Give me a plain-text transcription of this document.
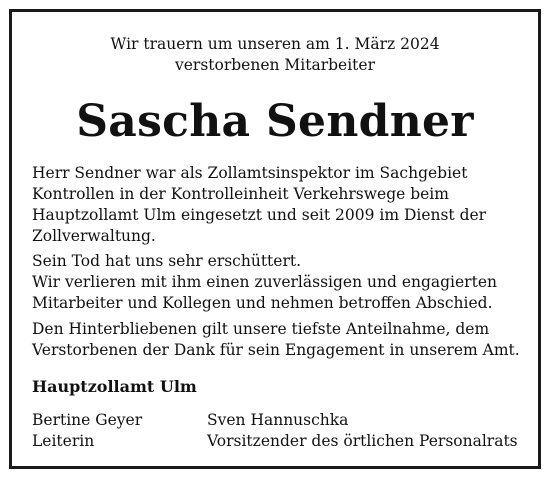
Wir trauern um unseren am 1. März 2024
verstorbenen Mitarbeiter
Sascha Sendner
Herr Sendner war als Zollamtsinspektor im Sachgebiet
Kontrollen in der Kontrolleinheit Verkehrswege beim
Hauptzollamt Ulm eingesetzt und seit 2009 im Dienst der
Zollverwaltung.
Sein Tod hat uns sehr erschüttert.
Wir verlieren mit ihm einen zuverlässigen und engagierten
Mitarbeiter und Kollegen und nehmen betroffen Abschied.
Den Hinterbliebenen gilt unsere tiefste Anteilnahme, dem
Verstorbenen der Dank für sein Engagement in unserem Amt.
Hauptzollamt Ulm
Bertine Geyer
Leiterin
Sven Hannuschka
Vorsitzender des örtlichen Personalrats
